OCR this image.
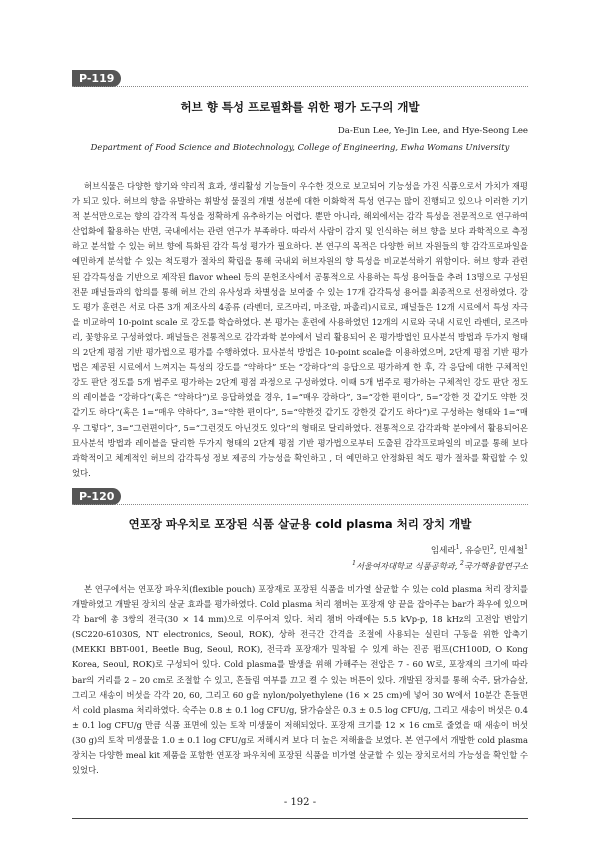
P-119
허브 향 특성 프로필화를 위한 평가 도구의 개발
Da-Eun Lee, Ye-Jin Lee, and Hye-Seong Lee
Department of Food Science and Biotechnology, College of Engineering, Ewha Womans University

허브식물은 다양한 향기와 약리적 효과, 생리활성 기능들이 우수한 것으로 보고되어 기능성을 가진 식품으로서 가치가 재평가 되고 있다. 허브의 향을 유발하는 휘발성 물질의 개별 성분에 대한 이화학적 특성 연구는 많이 진행되고 있으나 이러한 기기적 분석만으로는 향의 감각적 특성을 정확하게 유추하기는 어렵다. 뿐만 아니라, 해외에서는 감각 특성을 전문적으로 연구하여 산업화에 활용하는 반면, 국내에서는 관련 연구가 부족하다. 따라서 사람이 감지 및 인식하는 허브 향을 보다 과학적으로 측정하고 분석할 수 있는 허브 향에 특화된 감각 특성 평가가 필요하다. 본 연구의 목적은 다양한 허브 자원들의 향 감각프로파일을 예민하게 분석할 수 있는 척도평가 절차의 확립을 통해 국내외 허브자원의 향 특성을 비교분석하기 위함이다. 허브 향과 관련된 감각특성을 기반으로 제작된 flavor wheel 등의 문헌조사에서 공통적으로 사용하는 특성 용어들을 추려 13명으로 구성된 전문 패널들과의 합의를 통해 허브 간의 유사성과 차별성을 보여줄 수 있는 17개 감각특성 용어를 최종적으로 선정하였다. 강도 평가 훈련은 서로 다른 3개 제조사의 4종류 (라벤더, 로즈마리, 마조람, 파촐리)시료로, 패널들은 12개 시료에서 특성 자극을 비교하여 10-point scale 로 강도를 학습하였다. 본 평가는 훈련에 사용하였던 12개의 시료와 국내 시료인 라벤더, 로즈마리, 꽃향유로 구성하였다. 패널들은 전통적으로 감각과학 분야에서 널리 활용되어 온 평가방법인 묘사분석 방법과 두가지 형태의 2단계 평점 기반 평가법으로 평가를 수행하였다. 묘사분석 방법은 10-point scale을 이용하였으며, 2단계 평점 기반 평가법은 제공된 시료에서 느껴지는 특성의 강도를 “약하다” 또는 “강하다”의 응답으로 평가하게 한 후, 각 응답에 대한 구체적인 강도 판단 정도를 5개 범주로 평가하는 2단계 평점 과정으로 구성하였다. 이때 5개 범주로 평가하는 구체적인 강도 판단 정도의 레이블을 “강하다”(혹은 “약하다”)로 응답하였을 경우, 1=“매우 강하다”, 3=“강한 편이다”, 5=“강한 것 같기도 약한 것 같기도 하다”(혹은 1=“매우 약하다”, 3=“약한 편이다”, 5=“약한것 같기도 강한것 같기도 하다”)로 구성하는 형태와 1=“매우 그렇다”, 3=“그런편이다”, 5=“그런것도 아닌것도 있다”의 형태로 달리하였다. 전통적으로 감각과학 분야에서 활용되어온 묘사분석 방법과 레이블을 달리한 두가지 형태의 2단계 평점 기반 평가법으로부터 도출된 감각프로파일의 비교를 통해 보다 과학적이고 체계적인 허브의 감각특성 정보 제공의 가능성을 확인하고 , 더 예민하고 안정화된 척도 평가 절차를 확립할 수 있었다.

P-120
연포장 파우치로 포장된 식품 살균용 cold plasma 처리 장치 개발
임세라$^1$, 유승민$^2$, 민세철$^1$
$^1$서울여자대학교 식품공학과, $^2$국가핵융합연구소

본 연구에서는 연포장 파우치(flexible pouch) 포장재로 포장된 식품을 비가열 살균할 수 있는 cold plasma 처리 장치를 개발하였고 개발된 장치의 살균 효과를 평가하였다. Cold plasma 처리 챔버는 포장재 양 끝을 잡아주는 bar가 좌우에 있으며 각 bar에 총 3쌍의 전극(30 × 14 mm)으로 이루어져 있다. 처리 챔버 아래에는 5.5 kVp-p, 18 kHz의 고전압 변압기(SC220-61030S, NT electronics, Seoul, ROK), 상하 전극간 간격을 조절에 사용되는 실린더 구동을 위한 압축기(MEKKI BBT-001, Beetle Bug, Seoul, ROK), 전극과 포장재가 밀착될 수 있게 하는 진공 펌프(CH100D, O Kong Korea, Seoul, ROK)로 구성되어 있다. Cold plasma를 발생을 위해 가해주는 전압은 7 - 60 W로, 포장재의 크기에 따라 bar의 거리를 2 – 20 cm로 조절할 수 있고, 흔들림 여부를 끄고 켤 수 있는 버튼이 있다. 개발된 장치를 통해 숙주, 닭가슴살, 그리고 새송이 버섯을 각각 20, 60, 그리고 60 g을 nylon/polyethylene (16 × 25 cm)에 넣어 30 W에서 10분간 흔들면서 cold plasma 처리하였다. 숙주는 0.8 ± 0.1 log CFU/g, 닭가슴살은 0.3 ± 0.5 log CFU/g, 그리고 새송이 버섯은 0.4 ± 0.1 log CFU/g 만큼 식품 표면에 있는 토착 미생물이 저해되었다. 포장재 크기를 12 × 16 cm로 줄였을 때 새송이 버섯(30 g)의 토착 미생물을 1.0 ± 0.1 log CFU/g로 저해시켜 보다 더 높은 저해율을 보였다. 본 연구에서 개발한 cold plasma 장치는 다양한 meal kit 제품을 포함한 연포장 파우치에 포장된 식품을 비가열 살균할 수 있는 장치로서의 가능성을 확인할 수 있었다.

- 192 -
